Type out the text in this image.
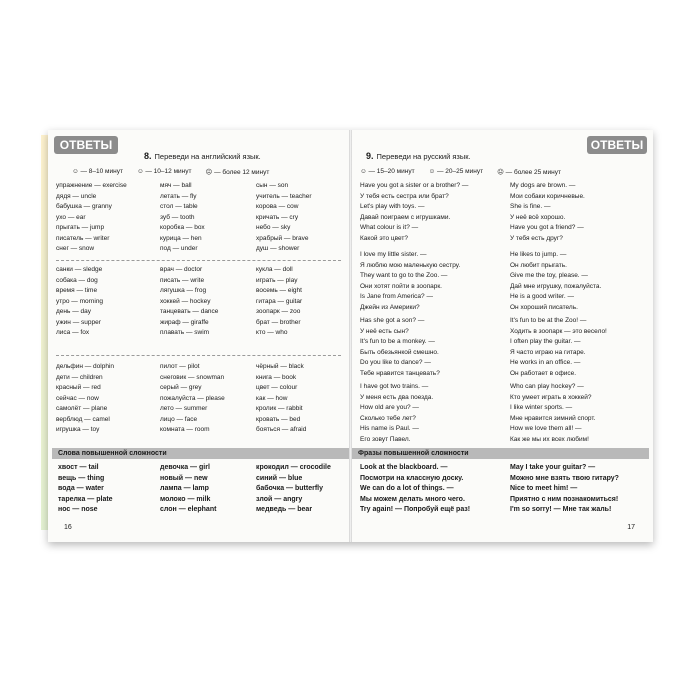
ОТВЕТЫ
8. Переведи на английский язык.
☺ — 8–10 минут ☺ — 10–12 минут ☹ — более 12 минут
упражнение — exercise
дядя — uncle
бабушка — granny
ухо — ear
прыгать — jump
писатель — writer
снег — snow
мяч — ball
летать — fly
стол — table
зуб — tooth
коробка — box
курица — hen
под — under
сын — son
учитель — teacher
корова — cow
кричать — cry
небо — sky
храбрый — brave
душ — shower
санки — sledge
собака — dog
время — time
утро — morning
день — day
ужин — supper
лиса — fox
врач — doctor
писать — write
лягушка — frog
хоккей — hockey
танцевать — dance
жираф — giraffe
плавать — swim
кукла — doll
играть — play
восемь — eight
гитара — guitar
зоопарк — zoo
брат — brother
кто — who
дельфин — dolphin
дети — children
красный — red
сейчас — now
самолёт — plane
верблюд — camel
игрушка — toy
пилот — pilot
снеговик — snowman
серый — grey
пожалуйста — please
лето — summer
лицо — face
комната — room
чёрный — black
книга — book
цвет — colour
как — how
кролик — rabbit
кровать — bed
бояться — afraid
Слова повышенной сложности
хвост — tail
вещь — thing
вода — water
тарелка — plate
нос — nose
девочка — girl
новый — new
лампа — lamp
молоко — milk
слон — elephant
крокодил — crocodile
синий — blue
бабочка — butterfly
злой — angry
медведь — bear
16
ОТВЕТЫ
9. Переведи на русский язык.
☺ — 15–20 минут ☺ — 20–25 минут ☹ — более 25 минут
Have you got a sister or a brother? —
У тебя есть сестра или брат?
Let's play with toys. —
Давай поиграем с игрушками.
What colour is it? —
Какой это цвет?
My dogs are brown. —
Мои собаки коричневые.
She is fine. —
У неё всё хорошо.
Have you got a friend? —
У тебя есть друг?
I love my little sister. —
Я люблю мою маленькую сестру.
They want to go to the Zoo. —
Они хотят пойти в зоопарк.
Is Jane from America? —
Джейн из Америки?
He likes to jump. —
Он любит прыгать.
Give me the toy, please. —
Дай мне игрушку, пожалуйста.
He is a good writer. —
Он хороший писатель.
Has she got a son? —
У неё есть сын?
It's fun to be a monkey. —
Быть обезьянкой смешно.
Do you like to dance? —
Тебе нравится танцевать?
It's fun to be at the Zoo! —
Ходить в зоопарк — это весело!
I often play the guitar. —
Я часто играю на гитаре.
He works in an office. —
Он работает в офисе.
I have got two trains. —
У меня есть два поезда.
How old are you? —
Сколько тебе лет?
His name is Paul. —
Его зовут Павел.
Who can play hockey? —
Кто умеет играть в хоккей?
I like winter sports. —
Мне нравится зимний спорт.
How we love them all! —
Как же мы их всех любим!
Фразы повышенной сложности
Look at the blackboard. —
Посмотри на классную доску.
We can do a lot of things. —
Мы можем делать много чего.
Try again! — Попробуй ещё раз!
May I take your guitar? —
Можно мне взять твою гитару?
Nice to meet him! —
Приятно с ним познакомиться!
I'm so sorry! — Мне так жаль!
17
